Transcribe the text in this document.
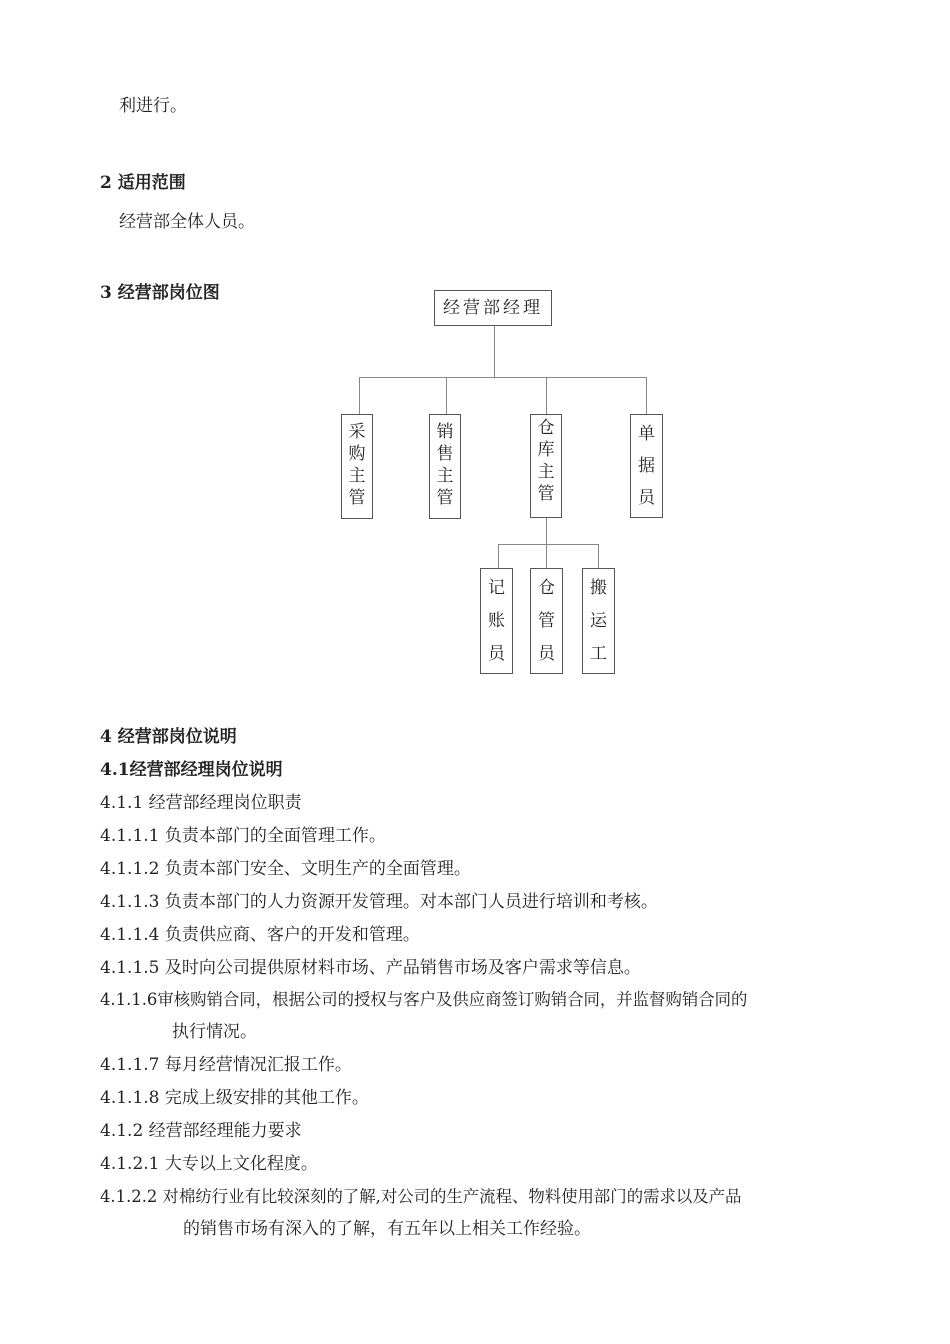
利进行。
2 适用范围
经营部全体人员。
3 经营部岗位图
经营部经理
采
购
主
管
销
售
主
管
仓
库
主
管
单
据
员
记
账
员
仓
管
员
搬
运
工
4 经营部岗位说明
4.1经营部经理岗位说明
4.1.1 经营部经理岗位职责
4.1.1.1 负责本部门的全面管理工作。
4.1.1.2 负责本部门安全、文明生产的全面管理。
4.1.1.3 负责本部门的人力资源开发管理。对本部门人员进行培训和考核。
4.1.1.4 负责供应商、客户的开发和管理。
4.1.1.5 及时向公司提供原材料市场、产品销售市场及客户需求等信息。
4.1.1.6审核购销合同，根据公司的授权与客户及供应商签订购销合同，并监督购销合同的
执行情况。
4.1.1.7 每月经营情况汇报工作。
4.1.1.8 完成上级安排的其他工作。
4.1.2 经营部经理能力要求
4.1.2.1 大专以上文化程度。
4.1.2.2 对棉纺行业有比较深刻的了解,对公司的生产流程、物料使用部门的需求以及产品
的销售市场有深入的了解，有五年以上相关工作经验。
